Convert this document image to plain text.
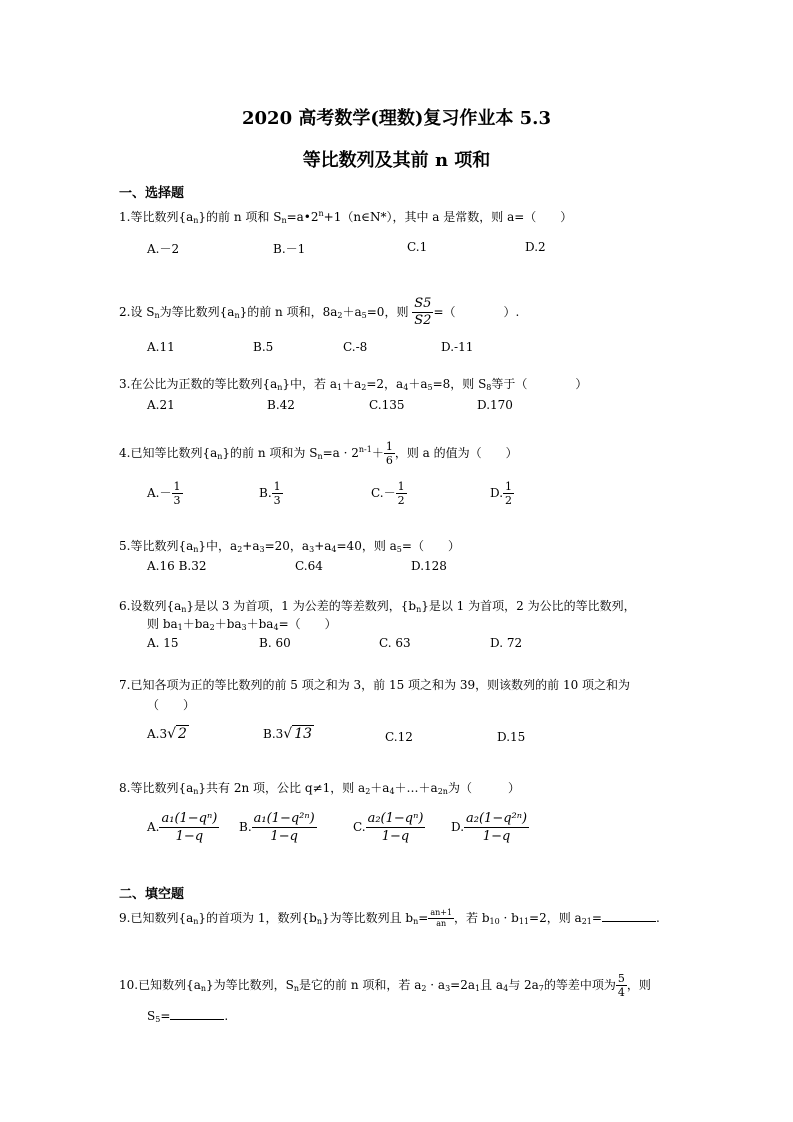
2020 高考数学(理数)复习作业本 5.3
等比数列及其前 n 项和
一、选择题
1.等比数列$\{a_n\}$的前 n 项和 $S_n=a•2^n+1(n\in N*)$，其中 a 是常数，则 a=（　　）
A.－2	B.－1	C.1	D.2
2.设 $S_n$为等比数列$\{a_n\}$的前 n 项和，$8a_2+a_5=0$，则 $\frac{S5}{S2}$ =（　　　　）.
A.11	B.5	C.-8	D.-11
3.在公比为正数的等比数列$\{a_n\}$中，若 $a_1+a_2=2$，$a_4+a_5=8$，则 $S_8$等于（　　　　）
A.21	B.42	C.135	D.170
4.已知等比数列$\{a_n\}$的前 n 项和为 $S_n=a \cdot 2^{n-1}+ \frac{1}{6}$ ，则 a 的值为（　　）
$A.- \frac{1}{3}$	B. $\frac{1}{3}$	$C.- \frac{1}{2}$	D. $\frac{1}{2}$
5.等比数列$\{a_n\}$中，$a_2+a_3=20$，$a_3+a_4=40$，则 $a_5=$（　　）
A.16 B.32	C.64	D.128
6.设数列$\{a_n\}$是以 3 为首项，1 为公差的等差数列，$\{b_n\}$是以 1 为首项，2 为公比的等比数列，
则 $ba_1+ba_2+ba_3+ba_4=$（　　）
A. 15	B. 60	C. 63	D. 72
7.已知各项为正的等比数列的前 5 项之和为 3，前 15 项之和为 39，则该数列的前 10 项之和为
（　　）
A.3√ 2	B.3√ 13	C.12	D.15
8.等比数列$\{a_n\}$共有 2n 项，公比 q≠1，则 $a_2+a_4+\dots+a_{2n}$为（　　　）
A. $\frac{\text{a₁(1−qⁿ)}}{1-q} B$. $\frac{\text{a₁(1−q²ⁿ)}}{1-q}$	C. $\frac{\text{a₂(1−qⁿ)}}{1-q} D$. $\frac{\text{a₂(1−q²ⁿ)}}{1-q}$
二、填空题
9.已知数列$\{a_n\}$的首项为 1，数列$\{b_n\}$为等比数列且 $b_n= \frac{an+1}{an}$ ，若 $b_{10} \cdot b_{11}=2$，则 $a_{21}=$	.
10.已知数列$\{a_n\}$为等比数列，$S_n$是它的前 n 项和，若 $a_2 \cdot a_3=2a_1$且 $a_4$与 $2a_7$的等差中项为 $\frac{5}{4}$ ，则
$S_5=$	.
